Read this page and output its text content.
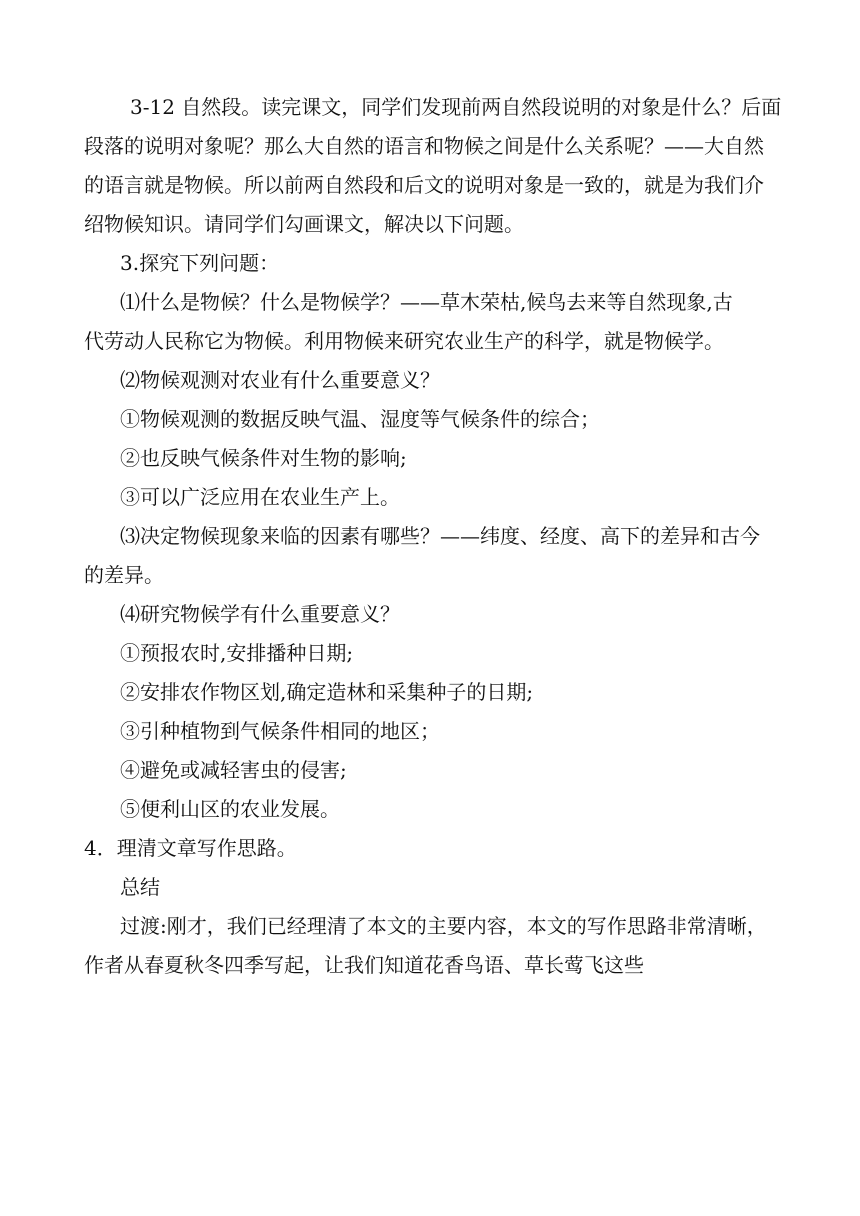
3-12 自然段。读完课文，同学们发现前两自然段说明的对象是什么？后面

段落的说明对象呢？那么大自然的语言和物候之间是什么关系呢？——大自然

的语言就是物候。所以前两自然段和后文的说明对象是一致的，就是为我们介

绍物候知识。请同学们勾画课文，解决以下问题。

3.探究下列问题：

⑴什么是物候？什么是物候学？——草木荣枯,候鸟去来等自然现象,古

代劳动人民称它为物候。利用物候来研究农业生产的科学，就是物候学。

⑵物候观测对农业有什么重要意义？

①物候观测的数据反映气温、湿度等气候条件的综合；

②也反映气候条件对生物的影响;

③可以广泛应用在农业生产上。

⑶决定物候现象来临的因素有哪些？——纬度、经度、高下的差异和古今

的差异。

⑷研究物候学有什么重要意义？

①预报农时,安排播种日期;

②安排农作物区划,确定造林和采集种子的日期;

③引种植物到气候条件相同的地区；

④避免或减轻害虫的侵害;

⑤便利山区的农业发展。

4．理清文章写作思路。

总结

过渡:刚才，我们已经理清了本文的主要内容，本文的写作思路非常清晰，

作者从春夏秋冬四季写起，让我们知道花香鸟语、草长莺飞这些
